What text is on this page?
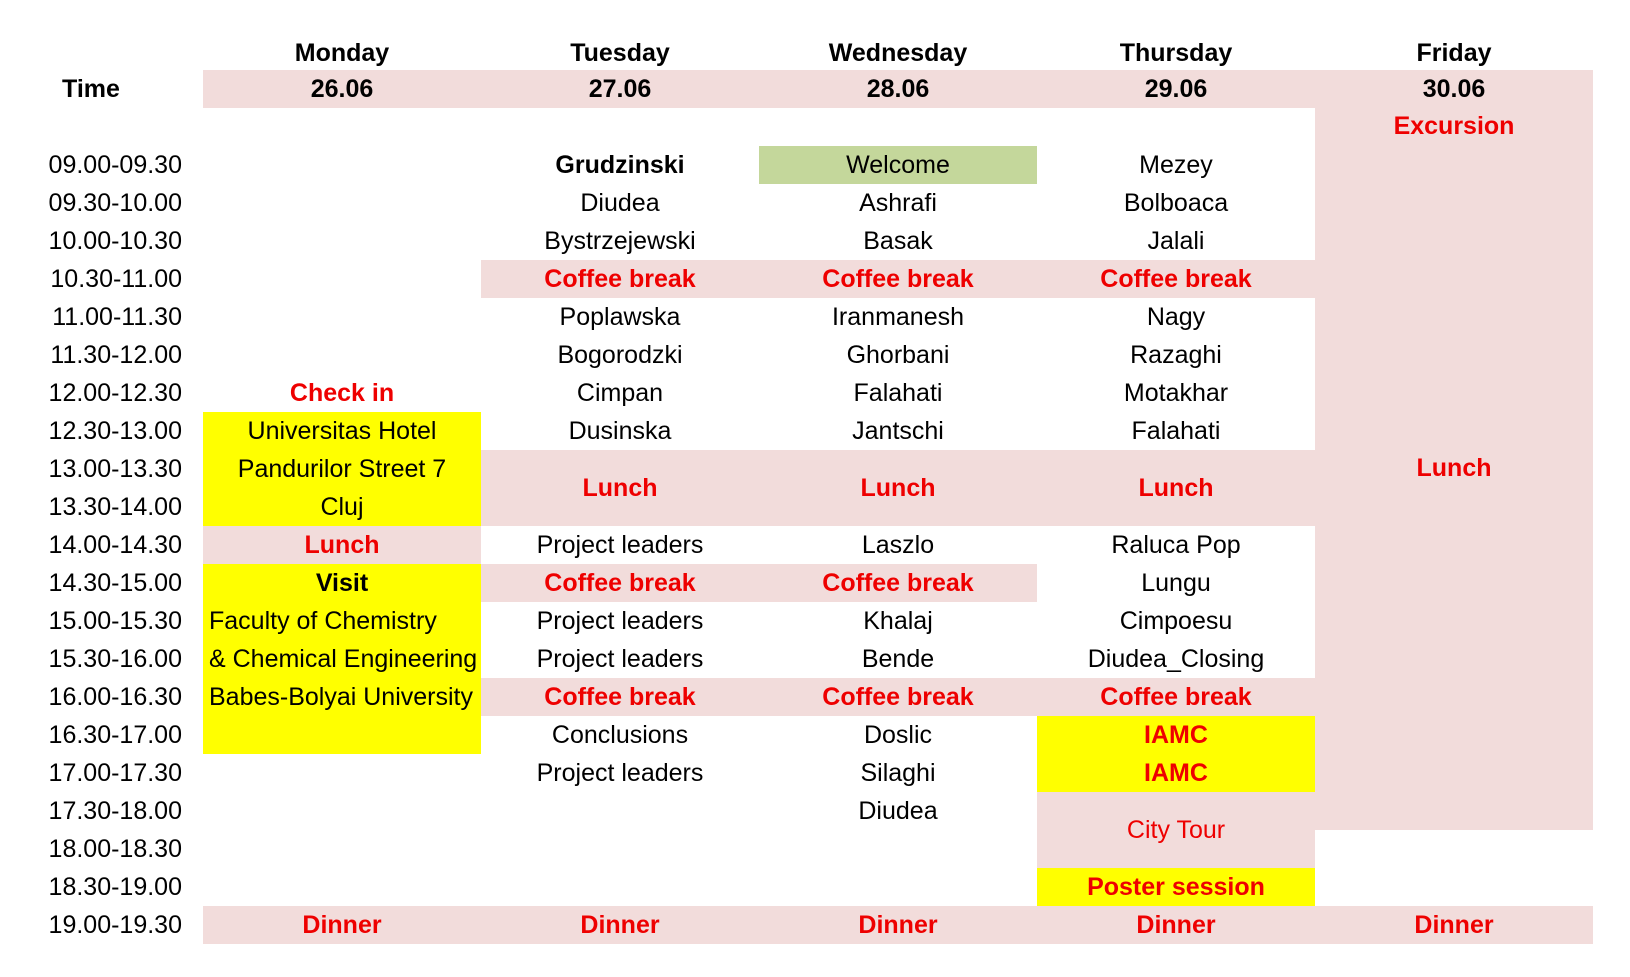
Time
Monday
26.06
Tuesday
27.06
Wednesday
28.06
Thursday
29.06
Friday
30.06
09.00-09.30
09.30-10.00
10.00-10.30
10.30-11.00
11.00-11.30
11.30-12.00
12.00-12.30
12.30-13.00
13.00-13.30
13.30-14.00
14.00-14.30
14.30-15.00
15.00-15.30
15.30-16.00
16.00-16.30
16.30-17.00
17.00-17.30
17.30-18.00
18.00-18.30
18.30-19.00
19.00-19.30
Check in
Universitas Hotel
Pandurilor Street 7
Cluj
Lunch
Visit
Faculty of Chemistry
& Chemical Engineering
Babes-Bolyai University
Dinner
Grudzinski
Diudea
Bystrzejewski
Coffee break
Poplawska
Bogorodzki
Cimpan
Dusinska
Lunch
Project leaders
Coffee break
Project leaders
Project leaders
Coffee break
Conclusions
Project leaders
Dinner
Welcome
Ashrafi
Basak
Coffee break
Iranmanesh
Ghorbani
Falahati
Jantschi
Lunch
Laszlo
Coffee break
Khalaj
Bende
Coffee break
Doslic
Silaghi
Diudea
Dinner
Mezey
Bolboaca
Jalali
Coffee break
Nagy
Razaghi
Motakhar
Falahati
Lunch
Raluca Pop
Lungu
Cimpoesu
Diudea_Closing
Coffee break
IAMC
IAMC
City Tour
Poster session
Dinner
Excursion
Lunch
Dinner
